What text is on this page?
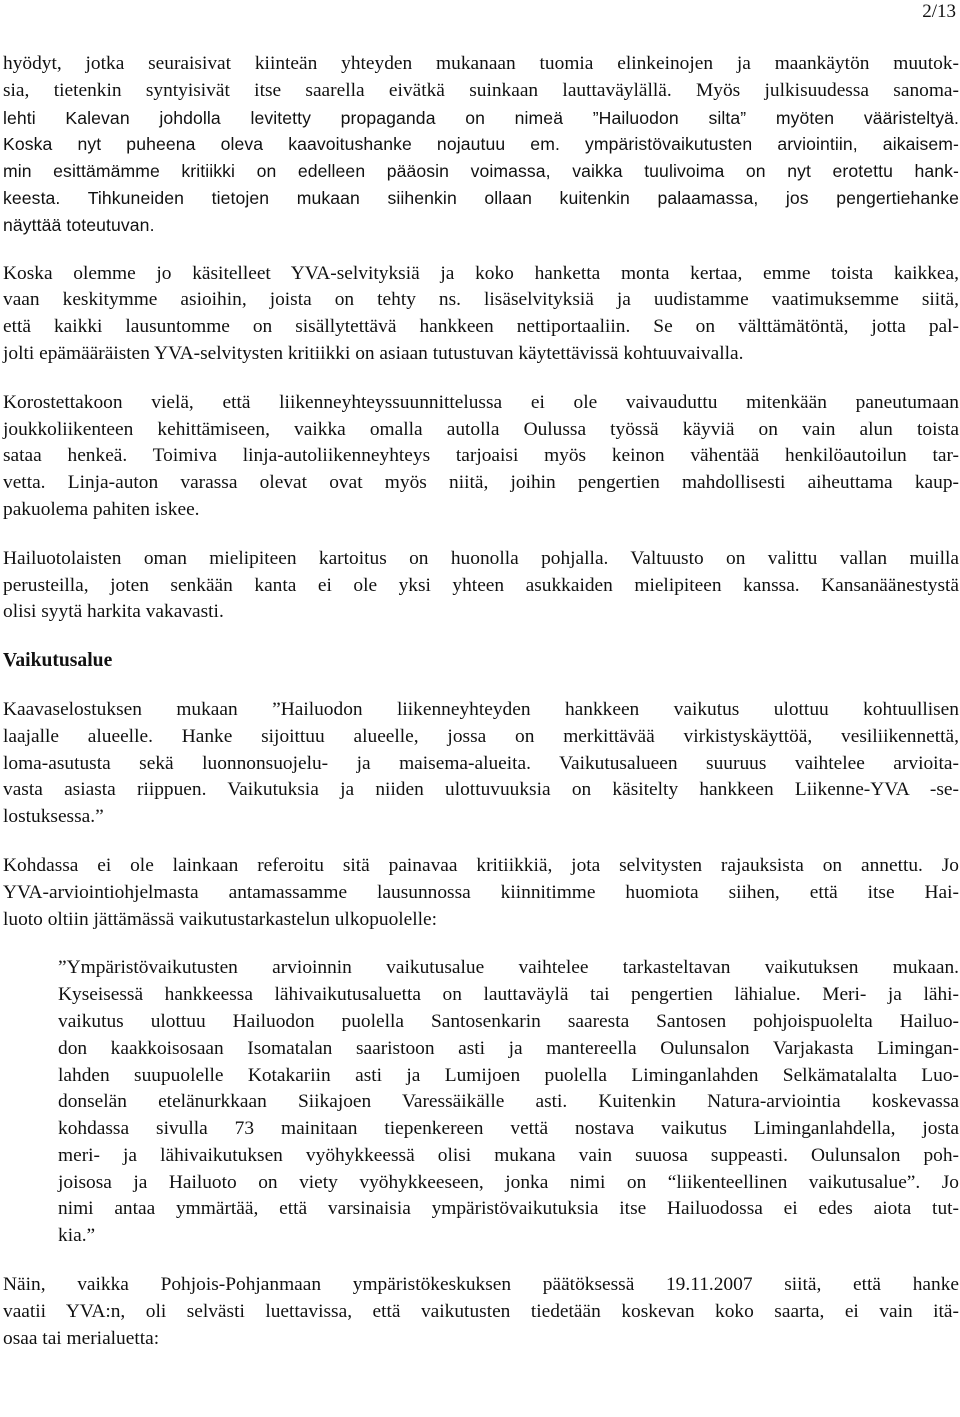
2/13

hyödyt, jotka seuraisivat kiinteän yhteyden mukanaan tuomia elinkeinojen ja maankäytön muutok-
sia, tietenkin syntyisivät itse saarella eivätkä suinkaan lauttaväylällä. Myös julkisuudessa sanoma-
lehti Kalevan johdolla levitetty propaganda on nimeä ”Hailuodon silta” myöten vääristeltyä.
Koska nyt puheena oleva kaavoitushanke nojautuu em. ympäristövaikutusten arviointiin, aikaisem-
min esittämämme kritiikki on edelleen pääosin voimassa, vaikka tuulivoima on nyt erotettu hank-
keesta. Tihkuneiden tietojen mukaan siihenkin ollaan kuitenkin palaamassa, jos pengertiehanke
näyttää toteutuvan.
Koska olemme jo käsitelleet YVA-selvityksiä ja koko hanketta monta kertaa, emme toista kaikkea,
vaan keskitymme asioihin, joista on tehty ns. lisäselvityksiä ja uudistamme vaatimuksemme siitä,
että kaikki lausuntomme on sisällytettävä hankkeen nettiportaaliin. Se on välttämätöntä, jotta pal-
jolti epämääräisten YVA-selvitysten kritiikki on asiaan tutustuvan käytettävissä kohtuuvaivalla.
Korostettakoon vielä, että liikenneyhteyssuunnittelussa ei ole vaivauduttu mitenkään paneutumaan
joukkoliikenteen kehittämiseen, vaikka omalla autolla Oulussa työssä käyviä on vain alun toista
sataa henkeä. Toimiva linja-autoliikenneyhteys tarjoaisi myös keinon vähentää henkilöautoilun tar-
vetta. Linja-auton varassa olevat ovat myös niitä, joihin pengertien mahdollisesti aiheuttama kaup-
pakuolema pahiten iskee.
Hailuotolaisten oman mielipiteen kartoitus on huonolla pohjalla. Valtuusto on valittu vallan muilla
perusteilla, joten senkään kanta ei ole yksi yhteen asukkaiden mielipiteen kanssa. Kansanäänestystä
olisi syytä harkita vakavasti.
Vaikutusalue
Kaavaselostuksen mukaan ”Hailuodon liikenneyhteyden hankkeen vaikutus ulottuu kohtuullisen
laajalle alueelle. Hanke sijoittuu alueelle, jossa on merkittävää virkistyskäyttöä, vesiliikennettä,
loma-asutusta sekä luonnonsuojelu- ja maisema-alueita. Vaikutusalueen suuruus vaihtelee arvioita-
vasta asiasta riippuen. Vaikutuksia ja niiden ulottuvuuksia on käsitelty hankkeen Liikenne-YVA -se-
lostuksessa.”
Kohdassa ei ole lainkaan referoitu sitä painavaa kritiikkiä, jota selvitysten rajauksista on annettu. Jo
YVA-arviointiohjelmasta antamassamme lausunnossa kiinnitimme huomiota siihen, että itse Hai-
luoto oltiin jättämässä vaikutustarkastelun ulkopuolelle:
”Ympäristövaikutusten arvioinnin vaikutusalue vaihtelee tarkasteltavan vaikutuksen mukaan.
Kyseisessä hankkeessa lähivaikutusaluetta on lauttaväylä tai pengertien lähialue. Meri- ja lähi-
vaikutus ulottuu Hailuodon puolella Santosenkarin saaresta Santosen pohjoispuolelta Hailuo-
don kaakkoisosaan Isomatalan saaristoon asti ja mantereella Oulunsalon Varjakasta Limingan-
lahden suupuolelle Kotakariin asti ja Lumijoen puolella Liminganlahden Selkämatalalta Luo-
donselän etelänurkkaan Siikajoen Varessäikälle asti. Kuitenkin Natura-arviointia koskevassa
kohdassa sivulla 73 mainitaan tiepenkereen vettä nostava vaikutus Liminganlahdella, josta
meri- ja lähivaikutuksen vyöhykkeessä olisi mukana vain suuosa suppeasti. Oulunsalon poh-
joisosa ja Hailuoto on viety vyöhykkeeseen, jonka nimi on “liikenteellinen vaikutusalue”. Jo
nimi antaa ymmärtää, että varsinaisia ympäristövaikutuksia itse Hailuodossa ei edes aiota tut-
kia.”
Näin, vaikka Pohjois-Pohjanmaan ympäristökeskuksen päätöksessä 19.11.2007 siitä, että hanke
vaatii YVA:n, oli selvästi luettavissa, että vaikutusten tiedetään koskevan koko saarta, ei vain itä-
osaa tai merialuetta:
